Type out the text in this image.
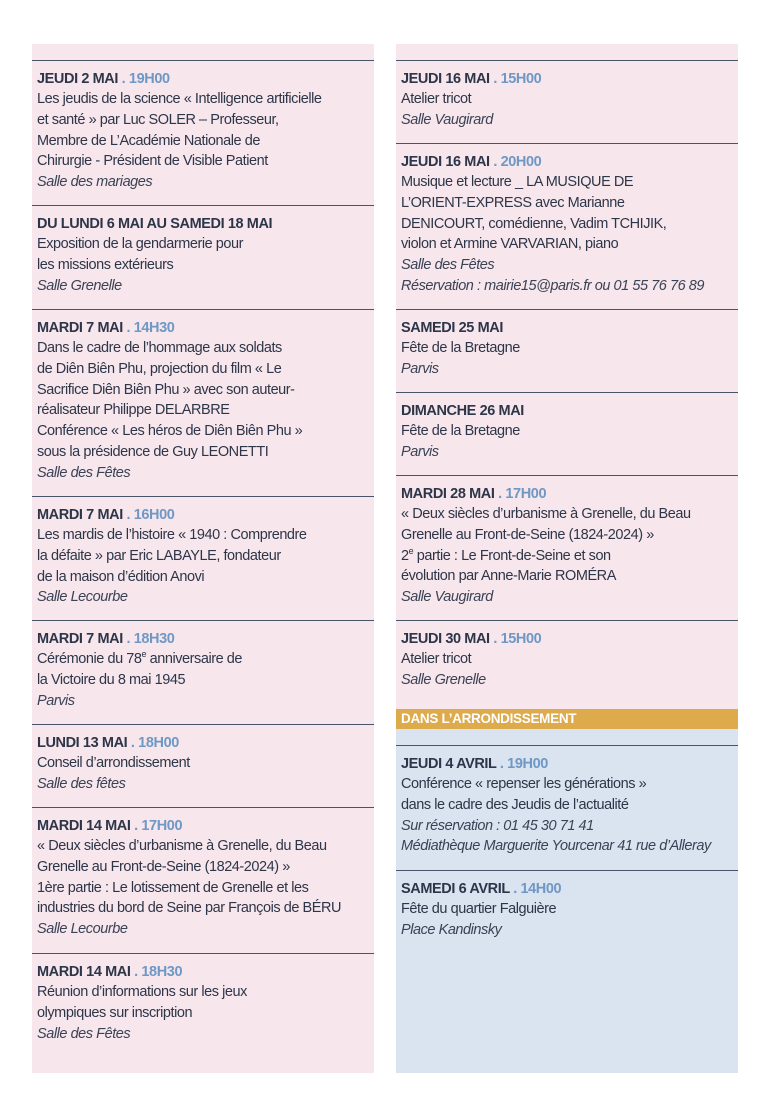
JEUDI 2 MAI . 19H00
Les jeudis de la science « Intelligence artificielle
et santé » par Luc SOLER – Professeur,
Membre de L’Académie Nationale de
Chirurgie - Président de Visible Patient
Salle des mariages
DU LUNDI 6 MAI AU SAMEDI 18 MAI
Exposition de la gendarmerie pour
les missions extérieurs
Salle Grenelle
MARDI 7 MAI . 14H30
Dans le cadre de l’hommage aux soldats
de Diên Biên Phu, projection du film « Le
Sacrifice Diên Biên Phu » avec son auteur-
réalisateur Philippe DELARBRE
Conférence « Les héros de Diên Biên Phu »
sous la présidence de Guy LEONETTI
Salle des Fêtes
MARDI 7 MAI . 16H00
Les mardis de l’histoire « 1940 : Comprendre
la défaite » par Eric LABAYLE, fondateur
de la maison d’édition Anovi
Salle Lecourbe
MARDI 7 MAI . 18H30
Cérémonie du 78e anniversaire de
la Victoire du 8 mai 1945
Parvis
LUNDI 13 MAI . 18H00
Conseil d’arrondissement
Salle des fêtes
MARDI 14 MAI . 17H00
« Deux siècles d’urbanisme à Grenelle, du Beau
Grenelle au Front-de-Seine (1824-2024) »
1ère partie : Le lotissement de Grenelle et les
industries du bord de Seine par François de BÉRU
Salle Lecourbe
MARDI 14 MAI . 18H30
Réunion d’informations sur les jeux
olympiques sur inscription
Salle des Fêtes
JEUDI 16 MAI . 15H00
Atelier tricot
Salle Vaugirard
JEUDI 16 MAI . 20H00
Musique et lecture _ LA MUSIQUE DE
L’ORIENT-EXPRESS avec Marianne
DENICOURT, comédienne, Vadim TCHIJIK,
violon et Armine VARVARIAN, piano
Salle des Fêtes
Réservation : mairie15@paris.fr ou 01 55 76 76 89
SAMEDI 25 MAI
Fête de la Bretagne
Parvis
DIMANCHE 26 MAI
Fête de la Bretagne
Parvis
MARDI 28 MAI . 17H00
« Deux siècles d’urbanisme à Grenelle, du Beau
Grenelle au Front-de-Seine (1824-2024) »
2e partie : Le Front-de-Seine et son
évolution par Anne-Marie ROMÉRA
Salle Vaugirard
JEUDI 30 MAI . 15H00
Atelier tricot
Salle Grenelle
DANS L’ARRONDISSEMENT
JEUDI 4 AVRIL . 19H00
Conférence « repenser les générations »
dans le cadre des Jeudis de l’actualité
Sur réservation : 01 45 30 71 41
Médiathèque Marguerite Yourcenar 41 rue d’Alleray
SAMEDI 6 AVRIL . 14H00
Fête du quartier Falguière
Place Kandinsky
